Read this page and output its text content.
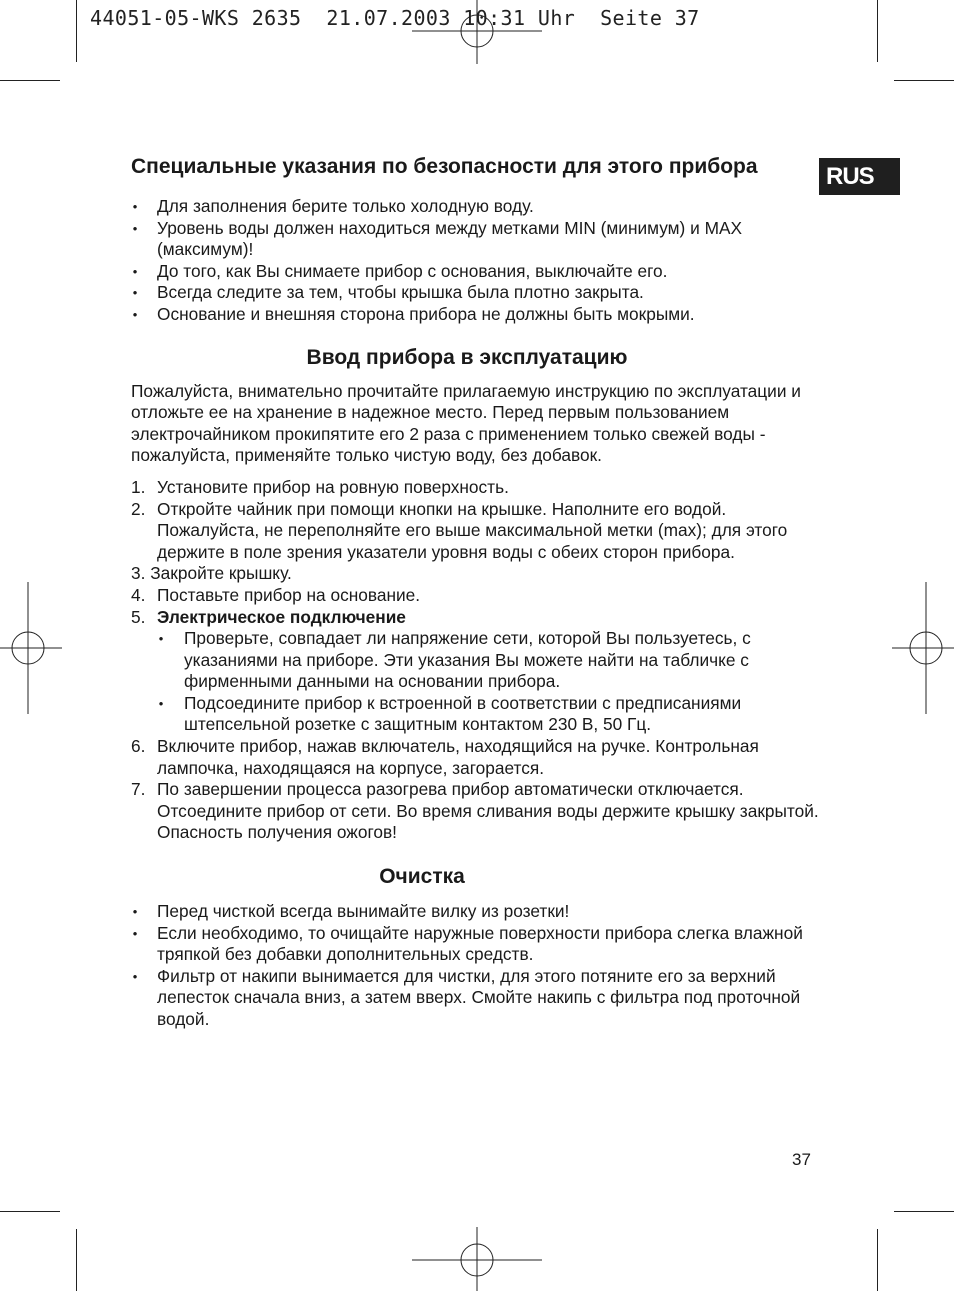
44051-05-WKS 2635  21.07.2003 10:31 Uhr  Seite 37
RUS
Специальные указания по безопасности для этого прибора
• Для заполнения берите только холодную воду.
• Уровень воды должен находиться между метками MIN (минимум) и MAX (максимум)!
• До того, как Вы снимаете прибор с основания, выключайте его.
• Всегда следите за тем, чтобы крышка была плотно закрыта.
• Основание и внешняя сторона прибора не должны быть мокрыми.
Ввод прибора в эксплуатацию

Пожалуйста, внимательно прочитайте прилагаемую инструкцию по эксплуатации и отложьте ее на хранение в надежное место. Перед первым пользованием электрочайником прокипятите его 2 раза с применением только свежей воды - пожалуйста, применяйте только чистую воду, без добавок.

1. Установите прибор на ровную поверхность.
2. Откройте чайник при помощи кнопки на крышке. Наполните его водой. Пожалуйста, не переполняйте его выше максимальной метки (max); для этого держите в поле зрения указатели уровня воды с обеих сторон прибора.
3. Закройте крышку.
4. Поставьте прибор на основание.
5. Электрическое подключение
• Проверьте, совпадает ли напряжение сети, которой Вы пользуетесь, с указаниями на приборе. Эти указания Вы можете найти на табличке с фирменными данными на основании прибора.
• Подсоедините прибор к встроенной в соответствии с предписаниями штепсельной розетке с защитным контактом 230 В, 50 Гц.
6. Включите прибор, нажав включатель, находящийся на ручке. Контрольная лампочка, находящаяся на корпусе, загорается.
7. По завершении процесса разогрева прибор автоматически отключается. Отсоедините прибор от сети. Во время сливания воды держите крышку закрытой. Опасность получения ожогов!
Очистка
• Перед чисткой всегда вынимайте вилку из розетки!
• Если необходимо, то очищайте наружные поверхности прибора слегка влажной тряпкой без добавки дополнительных средств.
• Фильтр от накипи вынимается для чистки, для этого потяните его за верхний лепесток сначала вниз, а затем вверх. Смойте накипь с фильтра под проточной водой.
37
